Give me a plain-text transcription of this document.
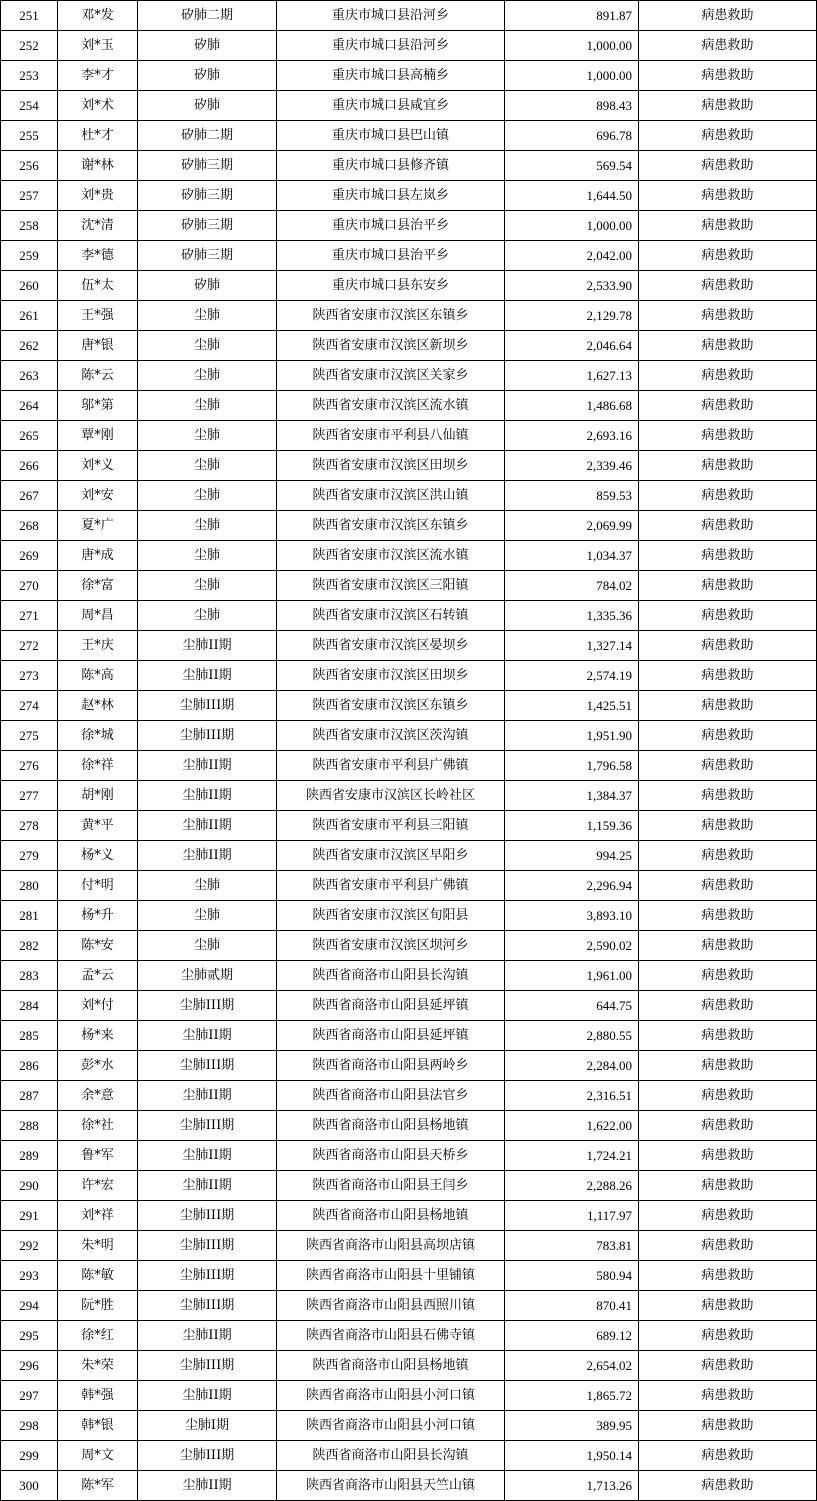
251	邓*发	矽肺二期	重庆市城口县沿河乡	891.87	病患救助
252	刘*玉	矽肺	重庆市城口县沿河乡	1,000.00	病患救助
253	李*才	矽肺	重庆市城口县高楠乡	1,000.00	病患救助
254	刘*术	矽肺	重庆市城口县咸宜乡	898.43	病患救助
255	杜*才	矽肺二期	重庆市城口县巴山镇	696.78	病患救助
256	谢*林	矽肺三期	重庆市城口县修齐镇	569.54	病患救助
257	刘*贵	矽肺三期	重庆市城口县左岚乡	1,644.50	病患救助
258	沈*清	矽肺三期	重庆市城口县治平乡	1,000.00	病患救助
259	李*德	矽肺三期	重庆市城口县治平乡	2,042.00	病患救助
260	伍*太	矽肺	重庆市城口县东安乡	2,533.90	病患救助
261	王*强	尘肺	陕西省安康市汉滨区东镇乡	2,129.78	病患救助
262	唐*银	尘肺	陕西省安康市汉滨区新坝乡	2,046.64	病患救助
263	陈*云	尘肺	陕西省安康市汉滨区关家乡	1,627.13	病患救助
264	邬*第	尘肺	陕西省安康市汉滨区流水镇	1,486.68	病患救助
265	覃*刚	尘肺	陕西省安康市平利县八仙镇	2,693.16	病患救助
266	刘*义	尘肺	陕西省安康市汉滨区田坝乡	2,339.46	病患救助
267	刘*安	尘肺	陕西省安康市汉滨区洪山镇	859.53	病患救助
268	夏*广	尘肺	陕西省安康市汉滨区东镇乡	2,069.99	病患救助
269	唐*成	尘肺	陕西省安康市汉滨区流水镇	1,034.37	病患救助
270	徐*富	尘肺	陕西省安康市汉滨区三阳镇	784.02	病患救助
271	周*昌	尘肺	陕西省安康市汉滨区石转镇	1,335.36	病患救助
272	王*庆	尘肺II期	陕西省安康市汉滨区晏坝乡	1,327.14	病患救助
273	陈*高	尘肺II期	陕西省安康市汉滨区田坝乡	2,574.19	病患救助
274	赵*林	尘肺III期	陕西省安康市汉滨区东镇乡	1,425.51	病患救助
275	徐*城	尘肺III期	陕西省安康市汉滨区茨沟镇	1,951.90	病患救助
276	徐*祥	尘肺II期	陕西省安康市平利县广佛镇	1,796.58	病患救助
277	胡*刚	尘肺II期	陕西省安康市汉滨区长岭社区	1,384.37	病患救助
278	黄*平	尘肺II期	陕西省安康市平利县三阳镇	1,159.36	病患救助
279	杨*义	尘肺II期	陕西省安康市汉滨区早阳乡	994.25	病患救助
280	付*明	尘肺	陕西省安康市平利县广佛镇	2,296.94	病患救助
281	杨*升	尘肺	陕西省安康市汉滨区旬阳县	3,893.10	病患救助
282	陈*安	尘肺	陕西省安康市汉滨区坝河乡	2,590.02	病患救助
283	孟*云	尘肺贰期	陕西省商洛市山阳县长沟镇	1,961.00	病患救助
284	刘*付	尘肺III期	陕西省商洛市山阳县延坪镇	644.75	病患救助
285	杨*来	尘肺II期	陕西省商洛市山阳县延坪镇	2,880.55	病患救助
286	彭*水	尘肺III期	陕西省商洛市山阳县两岭乡	2,284.00	病患救助
287	余*意	尘肺II期	陕西省商洛市山阳县法官乡	2,316.51	病患救助
288	徐*社	尘肺III期	陕西省商洛市山阳县杨地镇	1,622.00	病患救助
289	鲁*军	尘肺II期	陕西省商洛市山阳县天桥乡	1,724.21	病患救助
290	许*宏	尘肺II期	陕西省商洛市山阳县王闫乡	2,288.26	病患救助
291	刘*祥	尘肺III期	陕西省商洛市山阳县杨地镇	1,117.97	病患救助
292	朱*明	尘肺III期	陕西省商洛市山阳县高坝店镇	783.81	病患救助
293	陈*敏	尘肺III期	陕西省商洛市山阳县十里铺镇	580.94	病患救助
294	阮*胜	尘肺III期	陕西省商洛市山阳县西照川镇	870.41	病患救助
295	徐*红	尘肺II期	陕西省商洛市山阳县石佛寺镇	689.12	病患救助
296	朱*荣	尘肺III期	陕西省商洛市山阳县杨地镇	2,654.02	病患救助
297	韩*强	尘肺II期	陕西省商洛市山阳县小河口镇	1,865.72	病患救助
298	韩*银	尘肺I期	陕西省商洛市山阳县小河口镇	389.95	病患救助
299	周*文	尘肺III期	陕西省商洛市山阳县长沟镇	1,950.14	病患救助
300	陈*军	尘肺II期	陕西省商洛市山阳县天竺山镇	1,713.26	病患救助
